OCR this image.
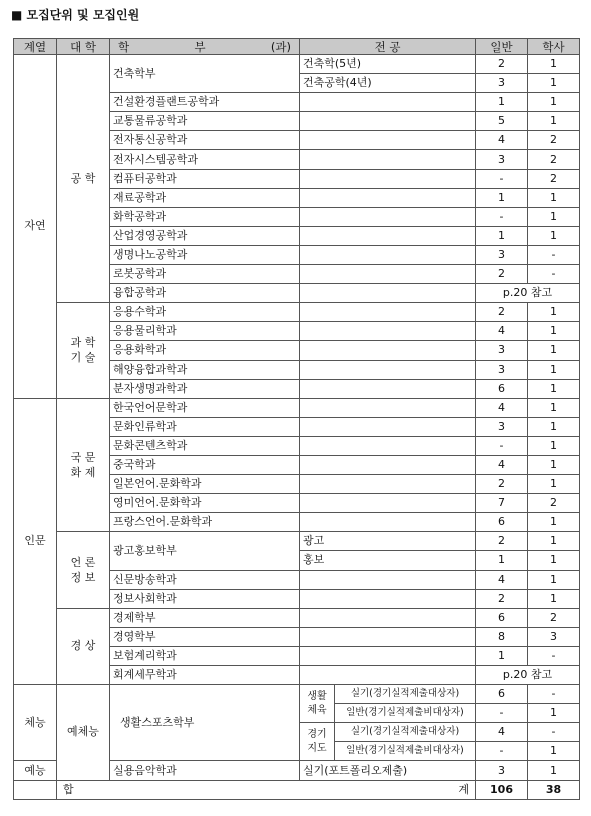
■ 모집단위 및 모집인원
계열	대 학	학 부 (과)	전 공		일반	학사
자연	공 학	건축학부	건축학(5년)		2	1
			건축공학(4년)		3	1
		건설환경플랜트공학과			1	1
		교통물류공학과			5	1
		전자통신공학과			4	2
		전자시스템공학과			3	2
		컴퓨터공학과			-	2
		재료공학과			1	1
		화학공학과			-	1
		산업경영공학과			1	1
		생명나노공학과			3	-
		로봇공학과			2	-
		융합공학과			p.20 참고	
	과 학 기 술	응용수학과			2	1
		응용물리학과			4	1
		응용화학과			3	1
		해양융합과학과			3	1
		분자생명과학과			6	1
인문	국 문 화 제	한국언어문학과			4	1
		문화인류학과			3	1
		문화콘텐츠학과			-	1
		중국학과			4	1
		일본언어.문화학과			2	1
		영미언어.문화학과			7	2
		프랑스언어.문화학과			6	1
	언 론 정 보	광고홍보학부	광고		2	1
			홍보		1	1
		신문방송학과			4	1
		정보사회학과			2	1
	경 상	경제학부			6	2
		경영학부			8	3
		보험계리학과			1	-
		회계세무학과			p.20 참고	
체능	예체능	생활스포츠학부	생활 체육	실기(경기실적제출대상자)	6	-
				일반(경기실적제출비대상자)	-	1
			경기 지도	실기(경기실적제출대상자)	4	-
				일반(경기실적제출비대상자)	-	1
예능		실용음악학과	실기(포트폴리오제출)		3	1

	합 계				106	38
